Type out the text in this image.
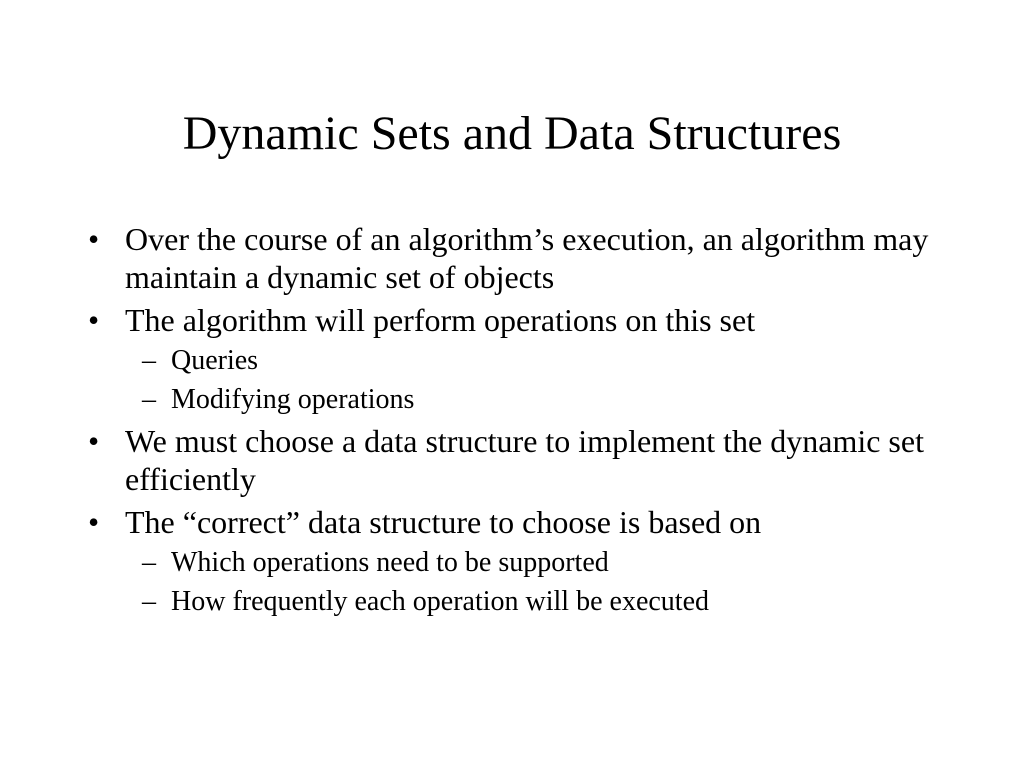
Dynamic Sets and Data Structures
• Over the course of an algorithm’s execution, an algorithm may maintain a dynamic set of objects
• The algorithm will perform operations on this set
– Queries
– Modifying operations
• We must choose a data structure to implement the dynamic set efficiently
• The “correct” data structure to choose is based on
– Which operations need to be supported
– How frequently each operation will be executed
